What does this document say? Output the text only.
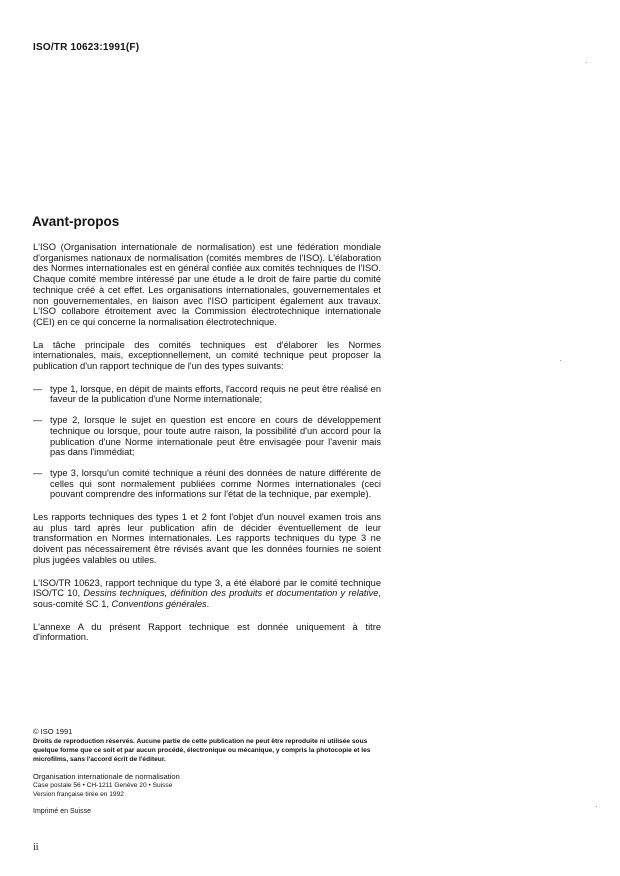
ISO/TR 10623:1991(F)
Avant-propos

L'ISO (Organisation internationale de normalisation) est une fédération mondiale d'organismes nationaux de normalisation (comités membres de l'ISO). L'élaboration des Normes internationales est en général confiée aux comités techniques de l'ISO. Chaque comité membre intéressé par une étude a le droit de faire partie du comité technique créé à cet effet. Les organisations internationales, gouvernementales et non gouvernementales, en liaison avec l'ISO participent également aux travaux. L'ISO collabore étroitement avec la Commission électrotechnique internationale (CEI) en ce qui concerne la normalisation électrotechnique.

La tâche principale des comités techniques est d'élaborer les Normes internationales, mais, exceptionnellement, un comité technique peut proposer la publication d'un rapport technique de l'un des types suivants:

— type 1, lorsque, en dépit de maints efforts, l'accord requis ne peut être réalisé en faveur de la publication d'une Norme internationale;
— type 2, lorsque le sujet en question est encore en cours de développement technique ou lorsque, pour toute autre raison, la possibilité d'un accord pour la publication d'une Norme internationale peut être envisagée pour l'avenir mais pas dans l'immédiat;
— type 3, lorsqu'un comité technique a réuni des données de nature différente de celles qui sont normalement publiées comme Normes internationales (ceci pouvant comprendre des informations sur l'état de la technique, par exemple).

Les rapports techniques des types 1 et 2 font l'objet d'un nouvel examen trois ans au plus tard après leur publication afin de décider éventuellement de leur transformation en Normes internationales. Les rapports techniques du type 3 ne doivent pas nécessairement être révisés avant que les données fournies ne soient plus jugées valables ou utiles.

L'ISO/TR 10623, rapport technique du type 3, a été élaboré par le comité technique ISO/TC 10, Dessins techniques, définition des produits et documentation y relative, sous-comité SC 1, Conventions générales.

L'annexe A du présent Rapport technique est donnée uniquement à titre d'information.

© ISO 1991
Droits de reproduction réservés. Aucune partie de cette publication ne peut être reproduite ni utilisée sous quelque forme que ce soit et par aucun procédé, électronique ou mécanique, y compris la photocopie et les microfilms, sans l'accord écrit de l'éditeur.
Organisation internationale de normalisation
Case postale 56 • CH-1211 Genève 20 • Suisse
Version française tirée en 1992
Imprimé en Suisse
ii
